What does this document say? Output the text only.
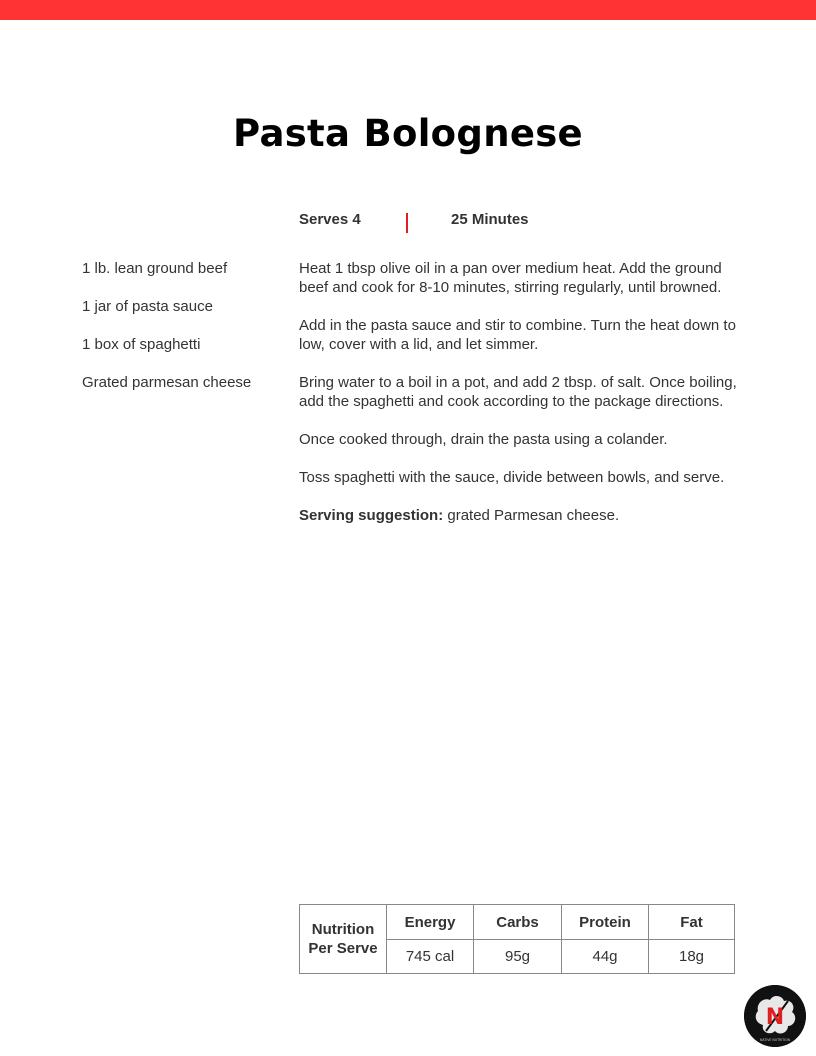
Pasta Bolognese
Serves 4	25 Minutes
1 lb. lean ground beef
1 jar of pasta sauce
1 box of spaghetti
Grated parmesan cheese

Heat 1 tbsp olive oil in a pan over medium heat. Add the ground beef and cook for 8-10 minutes, stirring regularly, until browned.

Add in the pasta sauce and stir to combine. Turn the heat down to low, cover with a lid, and let simmer.

Bring water to a boil in a pot, and add 2 tbsp. of salt. Once boiling, add the spaghetti and cook according to the package directions.

Once cooked through, drain the pasta using a colander.

Toss spaghetti with the sauce, divide between bowls, and serve.

Serving suggestion: grated Parmesan cheese.

Nutrition
Per Serve	Energy	Carbs	Protein	Fat
	745 cal	95g	44g	18g
N
NATIVE NUTRITION
